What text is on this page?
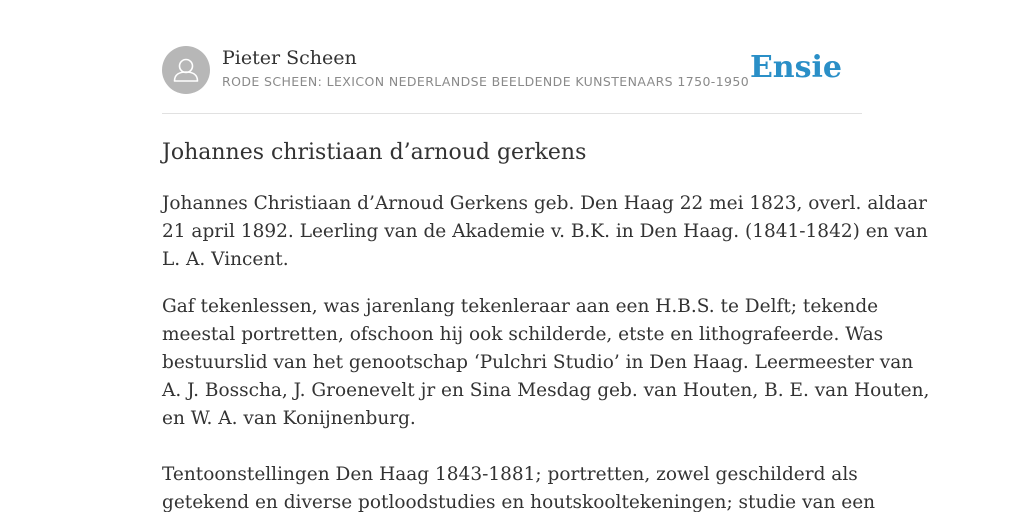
Pieter Scheen
RODE SCHEEN: LEXICON NEDERLANDSE BEELDENDE KUNSTENAARS 1750-1950 Ensie
Johannes christiaan d’arnoud gerkens

Johannes Christiaan d’Arnoud Gerkens geb. Den Haag 22 mei 1823, overl. aldaar
21 april 1892. Leerling van de Akademie v. B.K. in Den Haag. (1841-1842) en van
L. A. Vincent.

Gaf tekenlessen, was jarenlang tekenleraar aan een H.B.S. te Delft; tekende
meestal portretten, ofschoon hij ook schilderde, etste en lithografeerde. Was
bestuurslid van het genootschap ‘Pulchri Studio’ in Den Haag. Leermeester van
A. J. Bosscha, J. Groenevelt jr en Sina Mesdag geb. van Houten, B. E. van Houten,
en W. A. van Konijnenburg.

Tentoonstellingen Den Haag 1843-1881; portretten, zowel geschilderd als
getekend en diverse potloodstudies en houtskooltekeningen; studie van een
